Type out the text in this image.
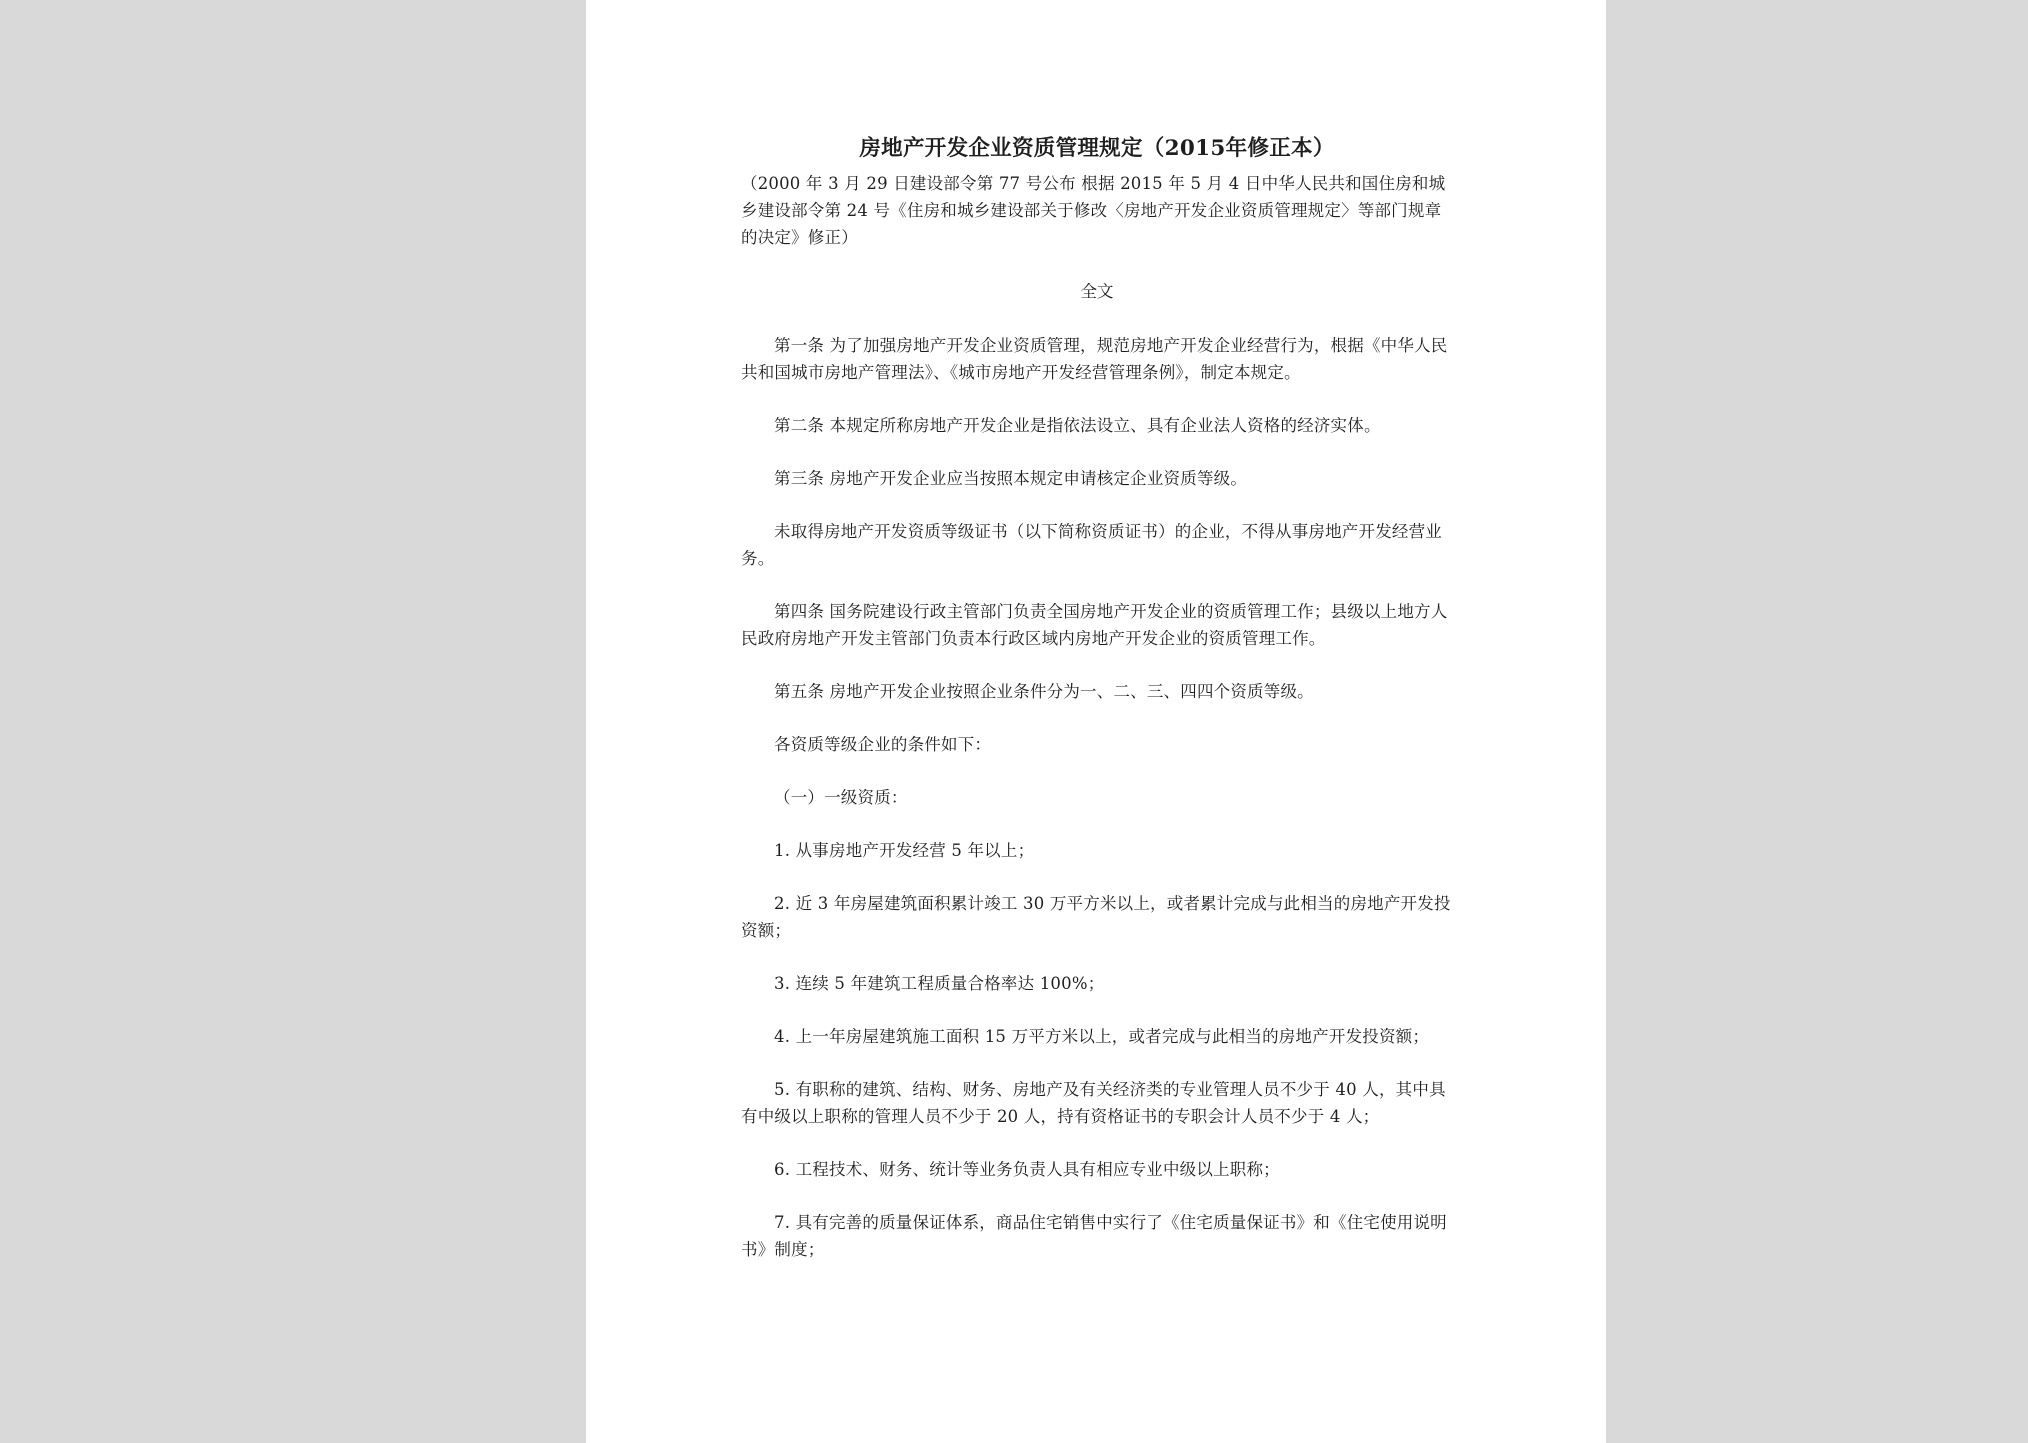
房地产开发企业资质管理规定（2015年修正本）

（2000 年 3 月 29 日建设部令第 77 号公布 根据 2015 年 5 月 4 日中华人民共和国住房和城乡建设部令第 24 号《住房和城乡建设部关于修改〈房地产开发企业资质管理规定〉等部门规章的决定》修正）

全文

第一条 为了加强房地产开发企业资质管理，规范房地产开发企业经营行为，根据《中华人民共和国城市房地产管理法》、《城市房地产开发经营管理条例》，制定本规定。

第二条 本规定所称房地产开发企业是指依法设立、具有企业法人资格的经济实体。

第三条 房地产开发企业应当按照本规定申请核定企业资质等级。

未取得房地产开发资质等级证书（以下简称资质证书）的企业，不得从事房地产开发经营业务。

第四条 国务院建设行政主管部门负责全国房地产开发企业的资质管理工作；县级以上地方人民政府房地产开发主管部门负责本行政区域内房地产开发企业的资质管理工作。

第五条 房地产开发企业按照企业条件分为一、二、三、四四个资质等级。

各资质等级企业的条件如下：

（一）一级资质：

1. 从事房地产开发经营 5 年以上；

2. 近 3 年房屋建筑面积累计竣工 30 万平方米以上，或者累计完成与此相当的房地产开发投资额；

3. 连续 5 年建筑工程质量合格率达 100%；

4. 上一年房屋建筑施工面积 15 万平方米以上，或者完成与此相当的房地产开发投资额；

5. 有职称的建筑、结构、财务、房地产及有关经济类的专业管理人员不少于 40 人，其中具有中级以上职称的管理人员不少于 20 人，持有资格证书的专职会计人员不少于 4 人；

6. 工程技术、财务、统计等业务负责人具有相应专业中级以上职称；

7. 具有完善的质量保证体系，商品住宅销售中实行了《住宅质量保证书》和《住宅使用说明书》制度；
